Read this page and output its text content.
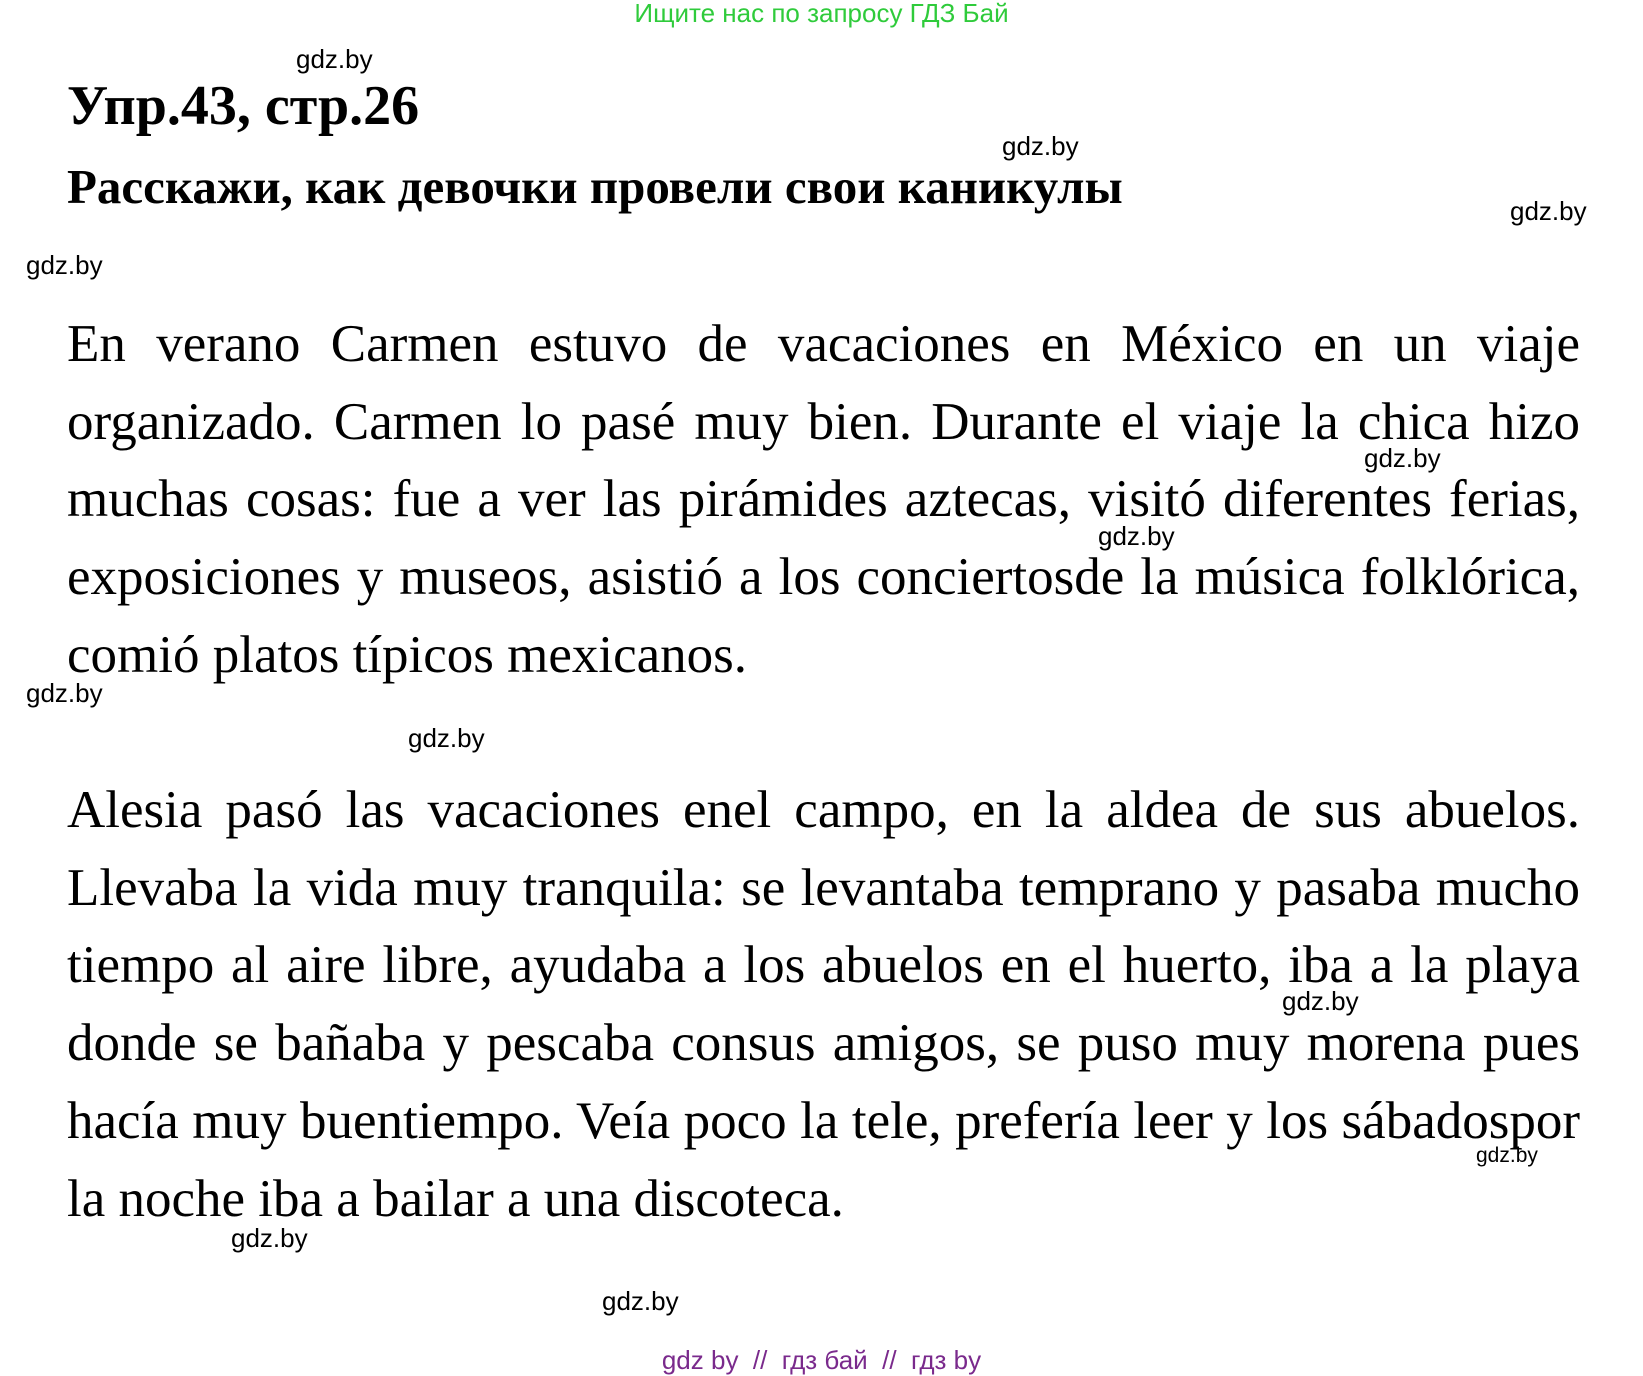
Ищите нас по запросу ГДЗ Бай
Упр.43, стр.26
Расскажи, как девочки провели свои каникулы

En verano Carmen estuvo de vacaciones en México en un viaje organizado. Carmen lo pasé muy bien. Durante el viaje la chica hizo muchas cosas: fue a ver las pirámides aztecas, visitó diferentes ferias, exposiciones y museos, asistió a los conciertosde la música folklórica, comió platos típicos mexicanos.

Alesia pasó las vacaciones enel campo, en la aldea de sus abuelos. Llevaba la vida muy tranquila: se levantaba temprano y pasaba mucho tiempo al aire libre, ayudaba a los abuelos en el huerto, iba a la playa donde se bañaba y pescaba consus amigos, se puso muy morena pues hacía muy buentiempo. Veía poco la tele, prefería leer y los sábadospor la noche iba a bailar a una discoteca.

gdz.by
gdz.by
gdz.by
gdz.by
gdz.by
gdz.by
gdz.by
gdz.by
gdz.by
gdz.by
gdz.by
gdz.by
gdz by  //  гдз бай  //  гдз by
